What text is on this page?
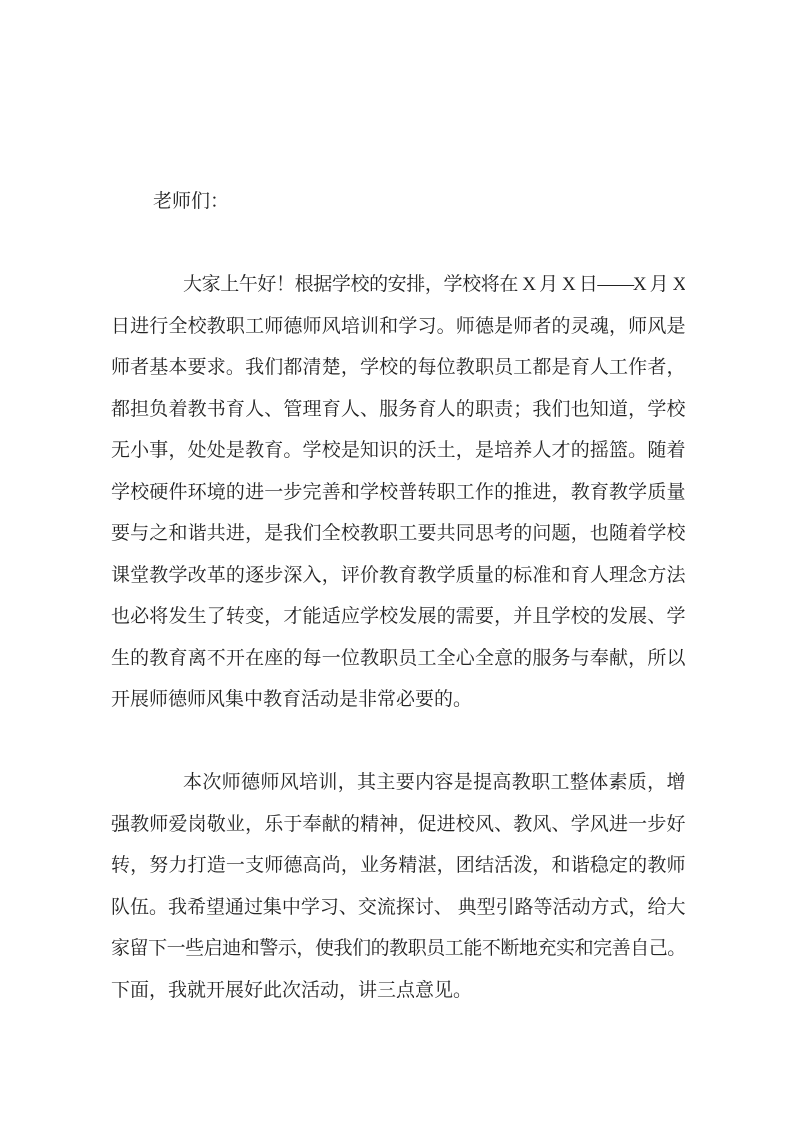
老师们：
大家上午好！根据学校的安排，学校将在 X 月 X 日——X 月 X
日进行全校教职工师德师风培训和学习。师德是师者的灵魂，师风是
师者基本要求。我们都清楚，学校的每位教职员工都是育人工作者，
都担负着教书育人、管理育人、服务育人的职责；我们也知道，学校
无小事，处处是教育。学校是知识的沃土，是培养人才的摇篮。随着
学校硬件环境的进一步完善和学校普转职工作的推进，教育教学质量
要与之和谐共进，是我们全校教职工要共同思考的问题，也随着学校
课堂教学改革的逐步深入，评价教育教学质量的标准和育人理念方法
也必将发生了转变，才能适应学校发展的需要，并且学校的发展、学
生的教育离不开在座的每一位教职员工全心全意的服务与奉献，所以
开展师德师风集中教育活动是非常必要的。
本次师德师风培训，其主要内容是提高教职工整体素质，增
强教师爱岗敬业，乐于奉献的精神，促进校风、教风、学风进一步好
转，努力打造一支师德高尚，业务精湛，团结活泼，和谐稳定的教师
队伍。我希望通过集中学习、交流探讨、 典型引路等活动方式，给大
家留下一些启迪和警示，使我们的教职员工能不断地充实和完善自己。
下面，我就开展好此次活动，讲三点意见。
